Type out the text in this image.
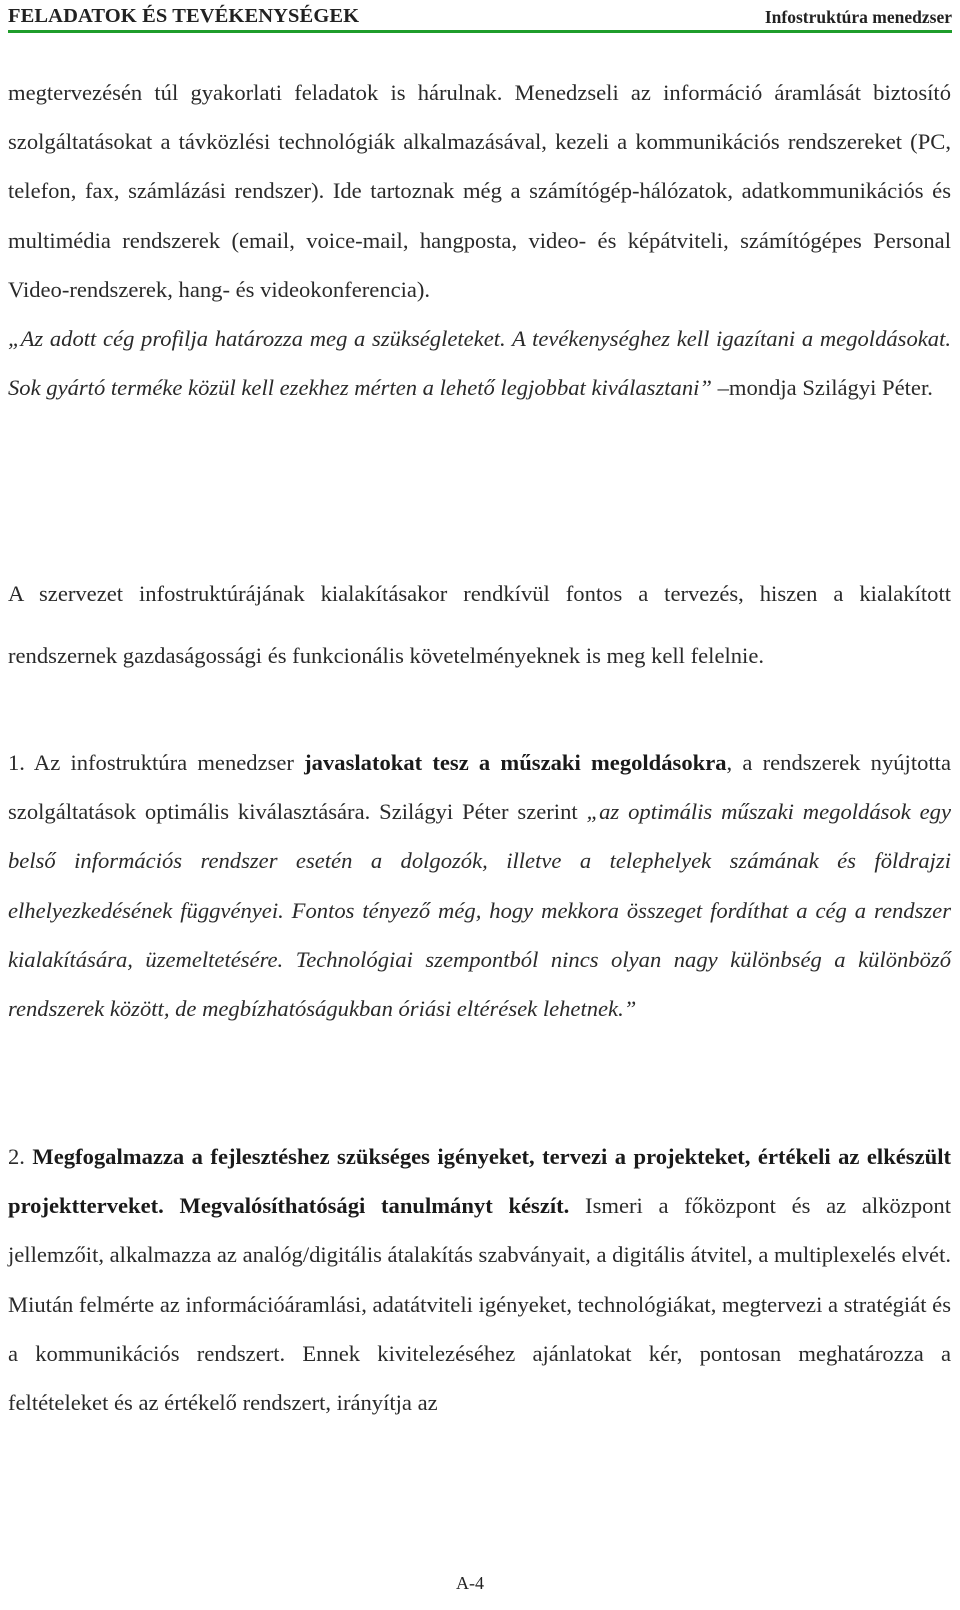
FELADATOK ÉS TEVÉKENYSÉGEK	Infostruktúra menedzser
megtervezésén túl gyakorlati feladatok is hárulnak. Menedzseli az információ áramlását biztosító szolgáltatásokat a távközlési technológiák alkalmazásával, kezeli a kommunikációs rendszereket (PC, telefon, fax, számlázási rendszer). Ide tartoznak még a számítógép-hálózatok, adatkommunikációs és multimédia rendszerek (email, voice-mail, hangposta, video- és képátviteli, számítógépes Personal Video-rendszerek, hang- és videokonferencia).
„Az adott cég profilja határozza meg a szükségleteket. A tevékenységhez kell igazítani a megoldásokat. Sok gyártó terméke közül kell ezekhez mérten a lehető legjobbat kiválasztani” –mondja Szilágyi Péter.
A szervezet infostruktúrájának kialakításakor rendkívül fontos a tervezés, hiszen a kialakított rendszernek gazdaságossági és funkcionális követelményeknek is meg kell felelnie.
1. Az infostruktúra menedzser javaslatokat tesz a műszaki megoldásokra, a rendszerek nyújtotta szolgáltatások optimális kiválasztására. Szilágyi Péter szerint „az optimális műszaki megoldások egy belső információs rendszer esetén a dolgozók, illetve a telephelyek számának és földrajzi elhelyezkedésének függvényei. Fontos tényező még, hogy mekkora összeget fordíthat a cég a rendszer kialakítására, üzemeltetésére. Technológiai szempontból nincs olyan nagy különbség a különböző rendszerek között, de megbízhatóságukban óriási eltérések lehetnek.”
2. Megfogalmazza a fejlesztéshez szükséges igényeket, tervezi a projekteket, értékeli az elkészült projektterveket. Megvalósíthatósági tanulmányt készít. Ismeri a főközpont és az alközpont jellemzőit, alkalmazza az analóg/digitális átalakítás szabványait, a digitális átvitel, a multiplexelés elvét. Miután felmérte az információáramlási, adatátviteli igényeket, technológiákat, megtervezi a stratégiát és a kommunikációs rendszert. Ennek kivitelezéséhez ajánlatokat kér, pontosan meghatározza a feltételeket és az értékelő rendszert, irányítja az
A-4
